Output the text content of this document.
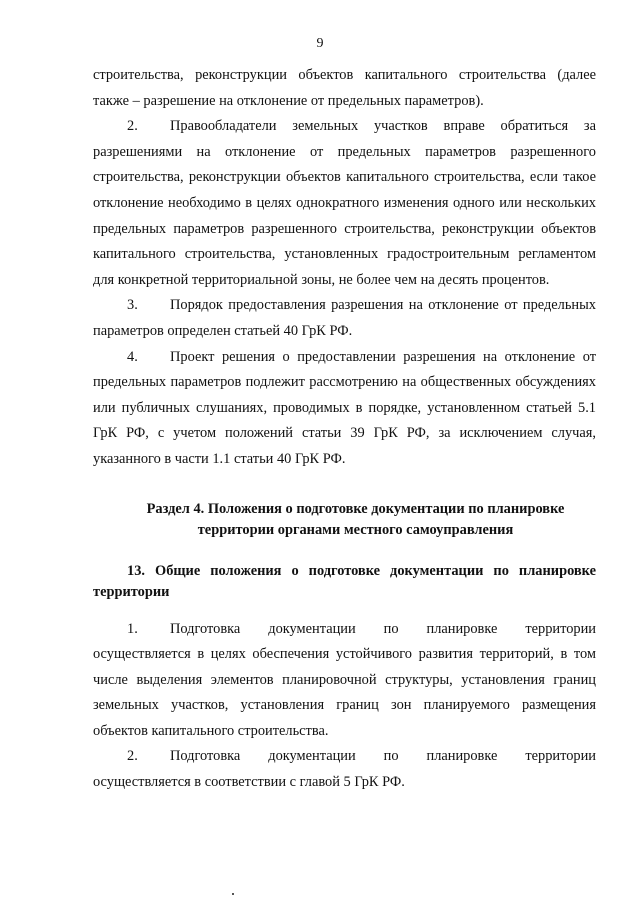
9

строительства, реконструкции объектов капитального строительства (далее также – разрешение на отклонение от предельных параметров).

2. Правообладатели земельных участков вправе обратиться за разрешениями на отклонение от предельных параметров разрешенного строительства, реконструкции объектов капитального строительства, если такое отклонение необходимо в целях однократного изменения одного или нескольких предельных параметров разрешенного строительства, реконструкции объектов капитального строительства, установленных градостроительным регламентом для конкретной территориальной зоны, не более чем на десять процентов.

3. Порядок предоставления разрешения на отклонение от предельных параметров определен статьей 40 ГрК РФ.

4. Проект решения о предоставлении разрешения на отклонение от предельных параметров подлежит рассмотрению на общественных обсуждениях или публичных слушаниях, проводимых в порядке, установленном статьей 5.1 ГрК РФ, с учетом положений статьи 39 ГрК РФ, за исключением случая, указанного в части 1.1 статьи 40 ГрК РФ.

Раздел 4. Положения о подготовке документации по планировке
территории органами местного самоуправления

13. Общие положения о подготовке документации по планировке территории

1. Подготовка документации по планировке территории осуществляется в целях обеспечения устойчивого развития территорий, в том числе выделения элементов планировочной структуры, установления границ земельных участков, установления границ зон планируемого размещения объектов капитального строительства.

2. Подготовка документации по планировке территории осуществляется в соответствии с главой 5 ГрК РФ.
